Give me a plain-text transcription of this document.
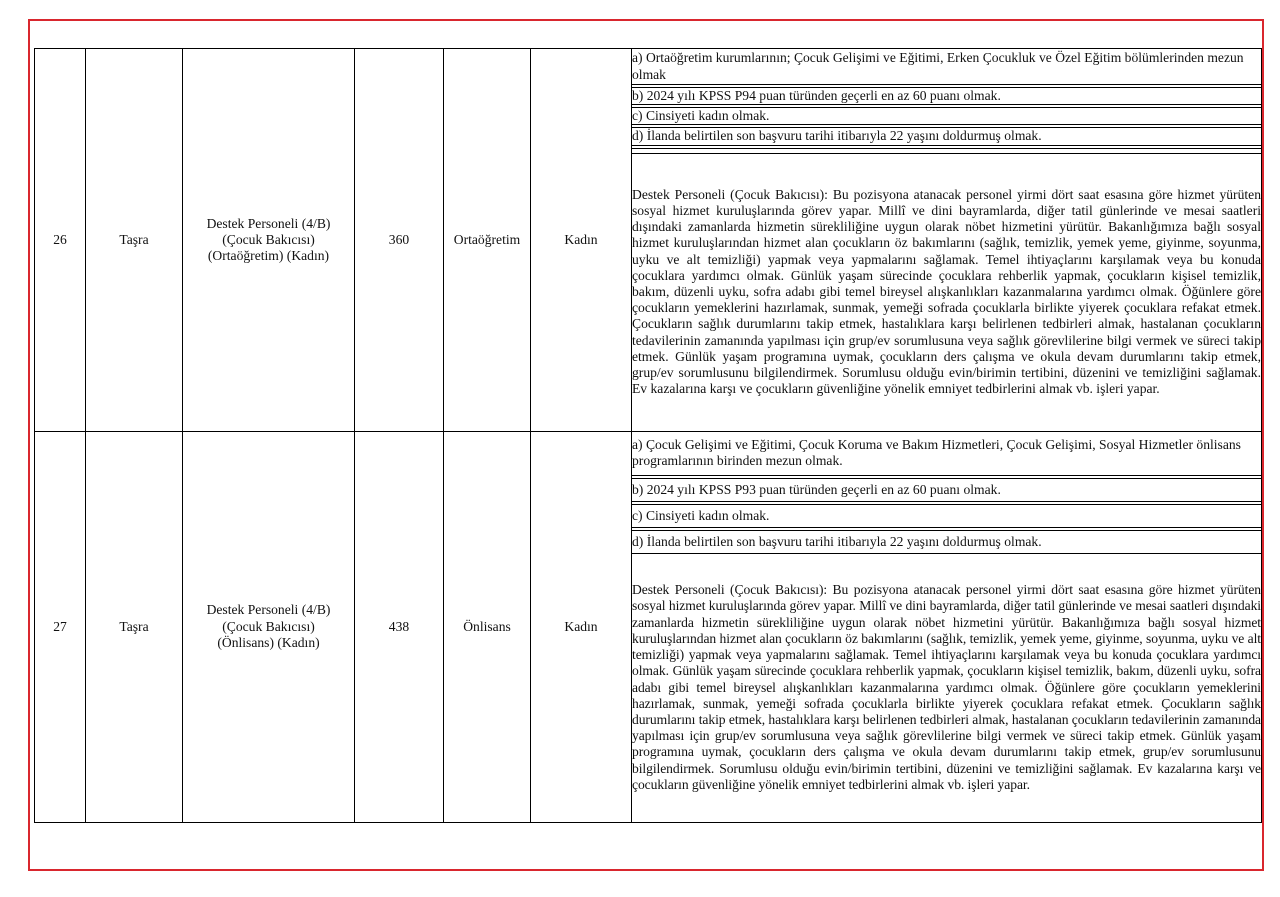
26	Taşra	Destek Personeli (4/B)
(Çocuk Bakıcısı)
(Ortaöğretim) (Kadın)	360	Ortaöğretim	Kadın	a) Ortaöğretim kurumlarının; Çocuk Gelişimi ve Eğitimi, Erken Çocukluk ve Özel Eğitim bölümlerinden mezun olmak

						b) 2024 yılı KPSS P94 puan türünden geçerli en az 60 puanı olmak.

						c) Cinsiyeti kadın olmak.

						d) İlanda belirtilen son başvuru tarihi itibarıyla 22 yaşını doldurmuş olmak.

						Destek Personeli (Çocuk Bakıcısı): Bu pozisyona atanacak personel yirmi dört saat esasına göre hizmet yürüten sosyal hizmet kuruluşlarında görev yapar. Millî ve dini bayramlarda, diğer tatil günlerinde ve mesai saatleri dışındaki zamanlarda hizmetin sürekliliğine uygun olarak nöbet hizmetini yürütür. Bakanlığımıza bağlı sosyal hizmet kuruluşlarından hizmet alan çocukların öz bakımlarını (sağlık, temizlik, yemek yeme, giyinme, soyunma, uyku ve alt temizliği) yapmak veya yapmalarını sağlamak. Temel ihtiyaçlarını karşılamak veya bu konuda çocuklara yardımcı olmak. Günlük yaşam sürecinde çocuklara rehberlik yapmak, çocukların kişisel temizlik, bakım, düzenli uyku, sofra adabı gibi temel bireysel alışkanlıkları kazanmalarına yardımcı olmak. Öğünlere göre çocukların yemeklerini hazırlamak, sunmak, yemeği sofrada çocuklarla birlikte yiyerek çocuklara refakat etmek. Çocukların sağlık durumlarını takip etmek, hastalıklara karşı belirlenen tedbirleri almak, hastalanan çocukların tedavilerinin zamanında yapılması için grup/ev sorumlusuna veya sağlık görevlilerine bilgi vermek ve süreci takip etmek. Günlük yaşam programına uymak, çocukların ders çalışma ve okula devam durumlarını takip etmek, grup/ev sorumlusunu bilgilendirmek. Sorumlusu olduğu evin/birimin tertibini, düzenini ve temizliğini sağlamak. Ev kazalarına karşı ve çocukların güvenliğine yönelik emniyet tedbirlerini almak vb. işleri yapar.
27	Taşra	Destek Personeli (4/B)
(Çocuk Bakıcısı)
(Önlisans) (Kadın)	438	Önlisans	Kadın	a) Çocuk Gelişimi ve Eğitimi, Çocuk Koruma ve Bakım Hizmetleri, Çocuk Gelişimi, Sosyal Hizmetler önlisans programlarının birinden mezun olmak.

						b) 2024 yılı KPSS P93 puan türünden geçerli en az 60 puanı olmak.

						c) Cinsiyeti kadın olmak.

						d) İlanda belirtilen son başvuru tarihi itibarıyla 22 yaşını doldurmuş olmak.
						Destek Personeli (Çocuk Bakıcısı): Bu pozisyona atanacak personel yirmi dört saat esasına göre hizmet yürüten sosyal hizmet kuruluşlarında görev yapar. Millî ve dini bayramlarda, diğer tatil günlerinde ve mesai saatleri dışındaki zamanlarda hizmetin sürekliliğine uygun olarak nöbet hizmetini yürütür. Bakanlığımıza bağlı sosyal hizmet kuruluşlarından hizmet alan çocukların öz bakımlarını (sağlık, temizlik, yemek yeme, giyinme, soyunma, uyku ve alt temizliği) yapmak veya yapmalarını sağlamak. Temel ihtiyaçlarını karşılamak veya bu konuda çocuklara yardımcı olmak. Günlük yaşam sürecinde çocuklara rehberlik yapmak, çocukların kişisel temizlik, bakım, düzenli uyku, sofra adabı gibi temel bireysel alışkanlıkları kazanmalarına yardımcı olmak. Öğünlere göre çocukların yemeklerini hazırlamak, sunmak, yemeği sofrada çocuklarla birlikte yiyerek çocuklara refakat etmek. Çocukların sağlık durumlarını takip etmek, hastalıklara karşı belirlenen tedbirleri almak, hastalanan çocukların tedavilerinin zamanında yapılması için grup/ev sorumlusuna veya sağlık görevlilerine bilgi vermek ve süreci takip etmek. Günlük yaşam programına uymak, çocukların ders çalışma ve okula devam durumlarını takip etmek, grup/ev sorumlusunu bilgilendirmek. Sorumlusu olduğu evin/birimin tertibini, düzenini ve temizliğini sağlamak. Ev kazalarına karşı ve çocukların güvenliğine yönelik emniyet tedbirlerini almak vb. işleri yapar.
